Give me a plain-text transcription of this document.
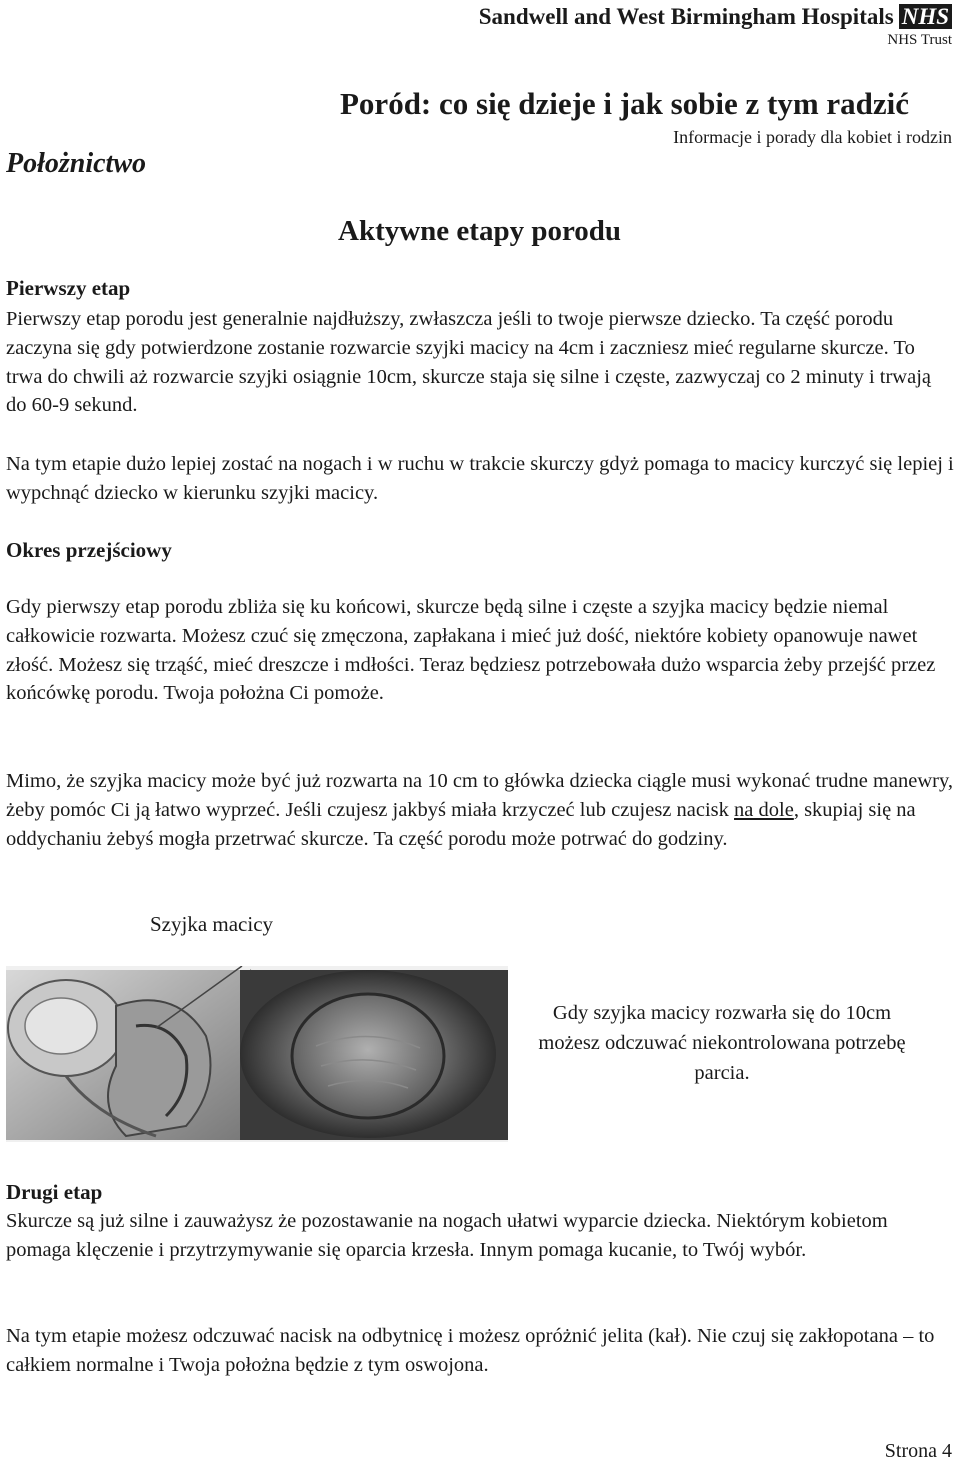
Sandwell and West Birmingham Hospitals NHS
NHS Trust
Poród: co się dzieje i jak sobie z tym radzić
Informacje i porady dla kobiet i rodzin
Położnictwo
Aktywne etapy porodu
Pierwszy etap
Pierwszy etap porodu jest generalnie najdłuższy, zwłaszcza jeśli to twoje pierwsze dziecko. Ta część porodu zaczyna się gdy potwierdzone zostanie rozwarcie szyjki macicy na 4cm i zaczniesz mieć regularne skurcze. To trwa do chwili aż rozwarcie szyjki osiągnie 10cm, skurcze staja się silne i częste, zazwyczaj co 2 minuty i trwają do 60-9 sekund.
Na tym etapie dużo lepiej zostać na nogach i w ruchu w trakcie skurczy gdyż pomaga to macicy kurczyć się lepiej i wypchnąć dziecko w kierunku szyjki macicy.
Okres przejściowy
Gdy pierwszy etap porodu zbliża się ku końcowi, skurcze będą silne i częste a szyjka macicy będzie niemal całkowicie rozwarta. Możesz czuć się zmęczona, zapłakana i mieć już dość, niektóre kobiety opanowuje nawet złość. Możesz się trząść, mieć dreszcze i mdłości. Teraz będziesz potrzebowała dużo wsparcia żeby przejść przez końcówkę porodu. Twoja położna Ci pomoże.
Mimo, że szyjka macicy może być już rozwarta na 10 cm to główka dziecka ciągle musi wykonać trudne manewry, żeby pomóc Ci ją łatwo wyprzeć. Jeśli czujesz jakbyś miała krzyczeć lub czujesz nacisk na dole, skupiaj się na oddychaniu żebyś mogła przetrwać skurcze. Ta część porodu może potrwać do godziny.
Szyjka macicy
Gdy szyjka macicy rozwarła się do 10cm możesz odczuwać niekontrolowana potrzebę parcia.
Drugi etap
Skurcze są już silne i zauważysz że pozostawanie na nogach ułatwi wyparcie dziecka. Niektórym kobietom pomaga klęczenie i przytrzymywanie się oparcia krzesła. Innym pomaga kucanie, to Twój wybór.
Na tym etapie możesz odczuwać nacisk na odbytnicę i możesz opróżnić jelita (kał). Nie czuj się zakłopotana – to całkiem normalne i Twoja położna będzie z tym oswojona.
Strona 4
